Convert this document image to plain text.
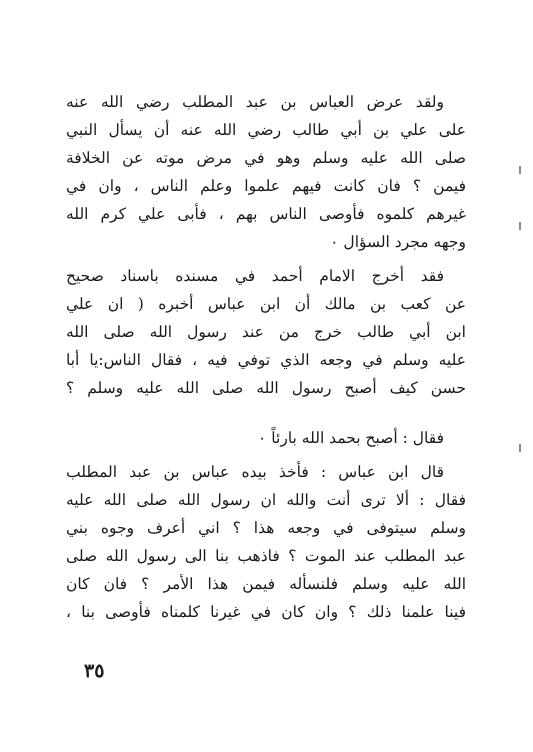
ولقد عرض العباس بن عبد المطلب رضي الله عنه
على علي بن أبي طالب رضي الله عنه أن يسأل النبي
صلى الله عليه وسلم وهو في مرض موته عن الخلافة
فيمن ؟ فان كانت فيهم علموا وعلم الناس ، وان في
غيرهم كلموه فأوصى الناس بهم ، فأبى علي كرم الله
وجهه مجرد السؤال ٠
فقد أخرج الامام أحمد في مسنده باسناد صحيح
عن كعب بن مالك أن ابن عباس أخبره ( ان علي
ابن أبي طالب خرج من عند رسول الله صلى الله
عليه وسلم في وجعه الذي توفي فيه ، فقال الناس:يا أبا
حسن كيف أصبح رسول الله صلى الله عليه وسلم ؟
فقال : أصبح بحمد الله بارئاً ٠
قال ابن عباس : فأخذ بيده عباس بن عبد المطلب
فقال : ألا ترى أنت والله ان رسول الله صلى الله عليه
وسلم سيتوفى في وجعه هذا ؟ اني أعرف وجوه بني
عبد المطلب عند الموت ؟ فاذهب بنا الى رسول الله صلى
الله عليه وسلم فلنسأله فيمن هذا الأمر ؟ فان كان
فينا علمنا ذلك ؟ وان كان في غيرنا كلمناه فأوصى بنا ،
٣٥
